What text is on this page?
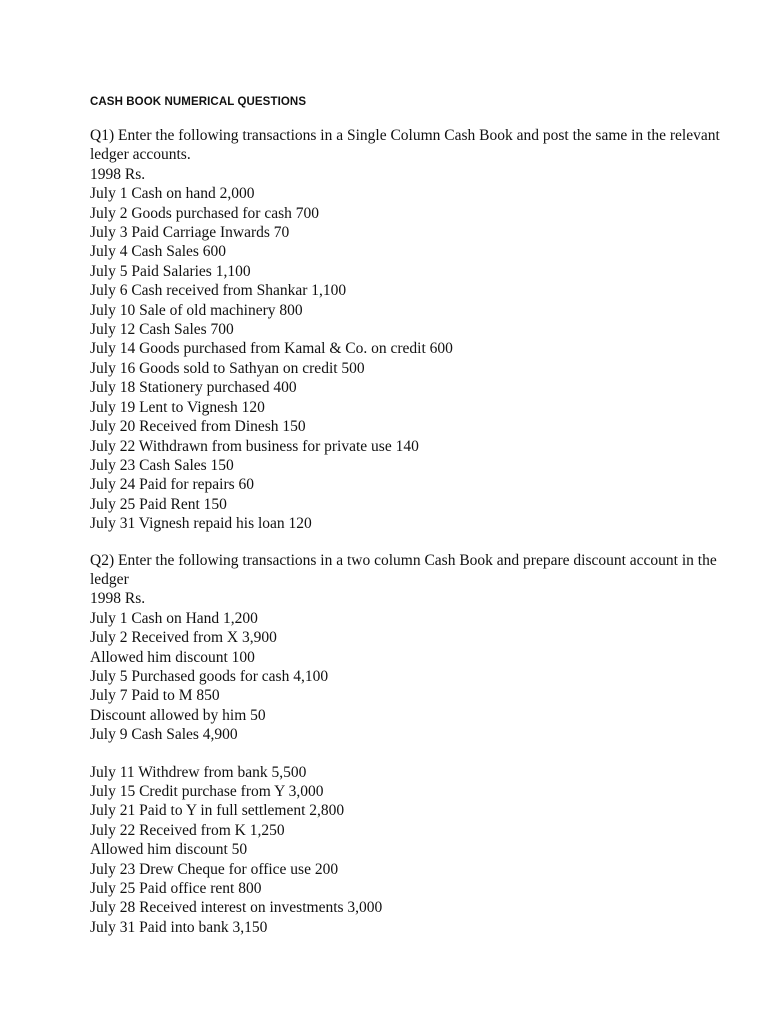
CASH BOOK NUMERICAL QUESTIONS

Q1) Enter the following transactions in a Single Column Cash Book and post the same in the relevant ledger accounts.

1998 Rs.

July 1 Cash on hand 2,000

July 2 Goods purchased for cash 700

July 3 Paid Carriage Inwards 70

July 4 Cash Sales 600

July 5 Paid Salaries 1,100

July 6 Cash received from Shankar 1,100

July 10 Sale of old machinery 800

July 12 Cash Sales 700

July 14 Goods purchased from Kamal & Co. on credit 600

July 16 Goods sold to Sathyan on credit 500

July 18 Stationery purchased 400

July 19 Lent to Vignesh 120

July 20 Received from Dinesh 150

July 22 Withdrawn from business for private use 140

July 23 Cash Sales 150

July 24 Paid for repairs 60

July 25 Paid Rent 150

July 31 Vignesh repaid his loan 120

Q2) Enter the following transactions in a two column Cash Book and prepare discount account in the ledger

1998 Rs.

July 1 Cash on Hand 1,200

July 2 Received from X 3,900

Allowed him discount 100

July 5 Purchased goods for cash 4,100

July 7 Paid to M 850

Discount allowed by him 50

July 9 Cash Sales 4,900

July 11 Withdrew from bank 5,500

July 15 Credit purchase from Y 3,000

July 21 Paid to Y in full settlement 2,800

July 22 Received from K 1,250

Allowed him discount 50

July 23 Drew Cheque for office use 200

July 25 Paid office rent 800

July 28 Received interest on investments 3,000

July 31 Paid into bank 3,150
